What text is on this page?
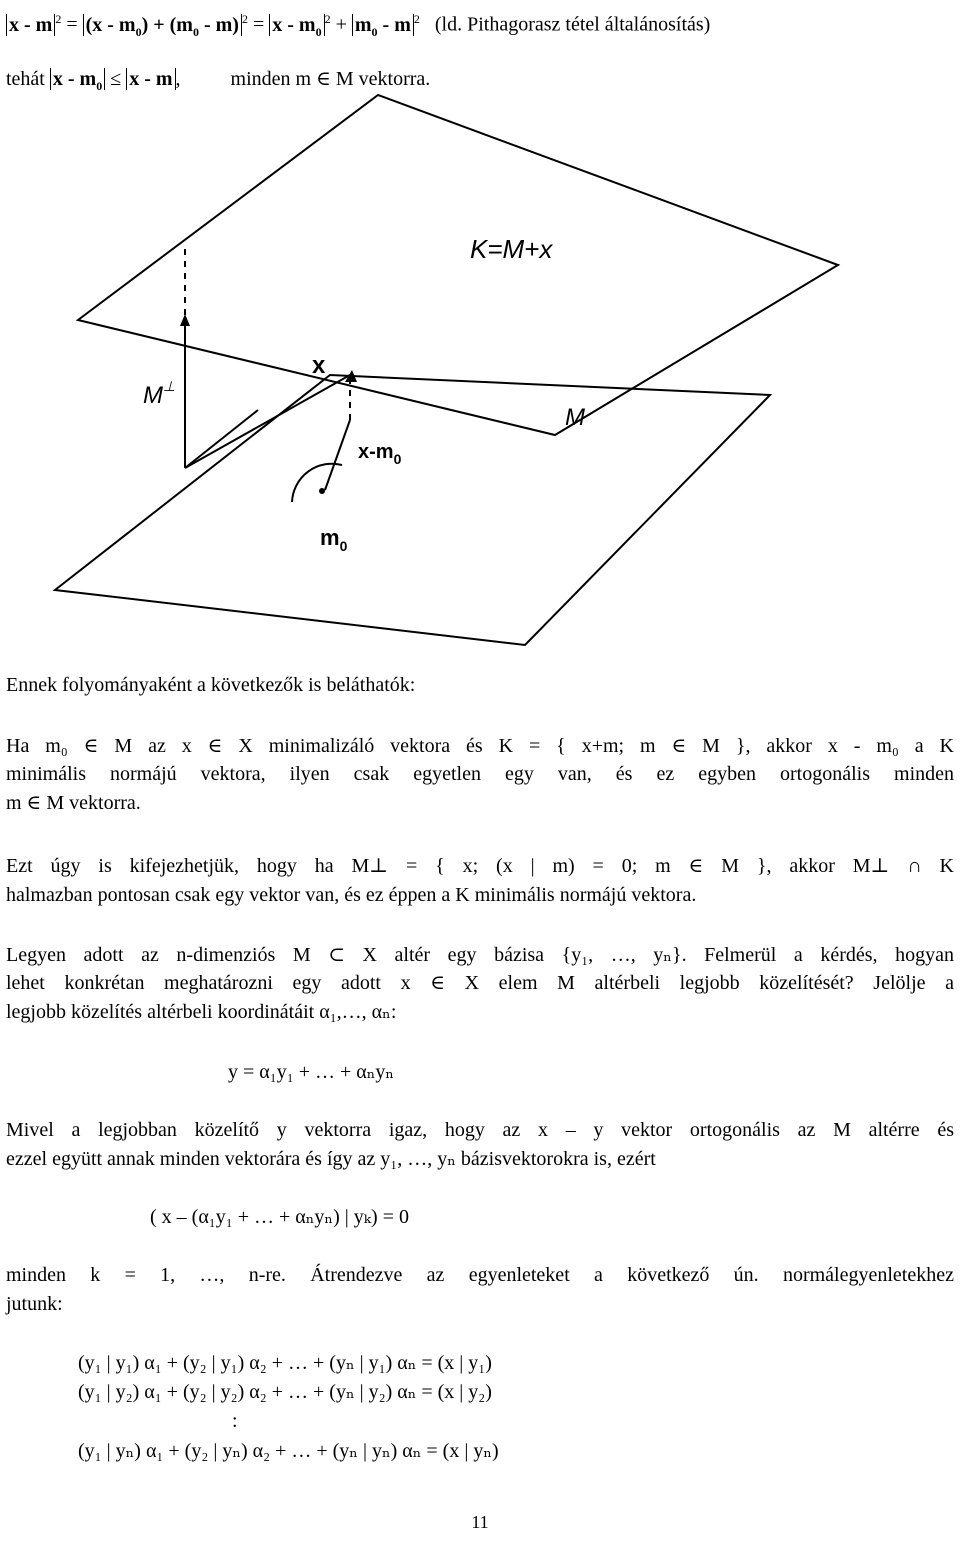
x - m $^2 = (x - m_0) + (m_0 - m)$ $^2 = x - m_0^2 + m_0 - m$ $^2$ (ld. Pithagorasz tétel általánosítás)
tehát $x - m_0 \le x - m$ ,  minden m ∈ M vektorra.
K=M+x
M⊥
x
M
$x-m_0$
$m_0$
Ennek folyományaként a következők is beláthatók:
Ha m₀ ∈ M az x ∈ X minimalizáló vektora és K = { x+m; m ∈ M }, akkor x - m₀ a K
minimális normájú vektora, ilyen csak egyetlen egy van, és ez egyben ortogonális minden
m ∈ M vektorra.
Ezt úgy is kifejezhetjük, hogy ha M⊥ = { x; (x | m) = 0; m ∈ M }, akkor M⊥ ∩ K
halmazban pontosan csak egy vektor van, és ez éppen a K minimális normájú vektora.
Legyen adott az n-dimenziós M ⊂ X altér egy bázisa {y₁, …, yₙ}. Felmerül a kérdés, hogyan
lehet konkrétan meghatározni egy adott x ∈ X elem M altérbeli legjobb közelítését? Jelölje a
legjobb közelítés altérbeli koordinátáit α₁,…, αₙ:
y = α₁y₁ + … + αₙyₙ
Mivel a legjobban közelítő y vektorra igaz, hogy az x – y vektor ortogonális az M altérre és
ezzel együtt annak minden vektorára és így az y₁, …, yₙ bázisvektorokra is, ezért
( x – (α₁y₁ + … + αₙyₙ) | yₖ) = 0
minden k = 1, …, n-re. Átrendezve az egyenleteket a következő ún. normálegyenletekhez
jutunk:
(y₁ | y₁) α₁ + (y₂ | y₁) α₂ + … + (yₙ | y₁) αₙ = (x | y₁)
(y₁ | y₂) α₁ + (y₂ | y₂) α₂ + … + (yₙ | y₂) αₙ = (x | y₂)
:
(y₁ | yₙ) α₁ + (y₂ | yₙ) α₂ + … + (yₙ | yₙ) αₙ = (x | yₙ)
11
